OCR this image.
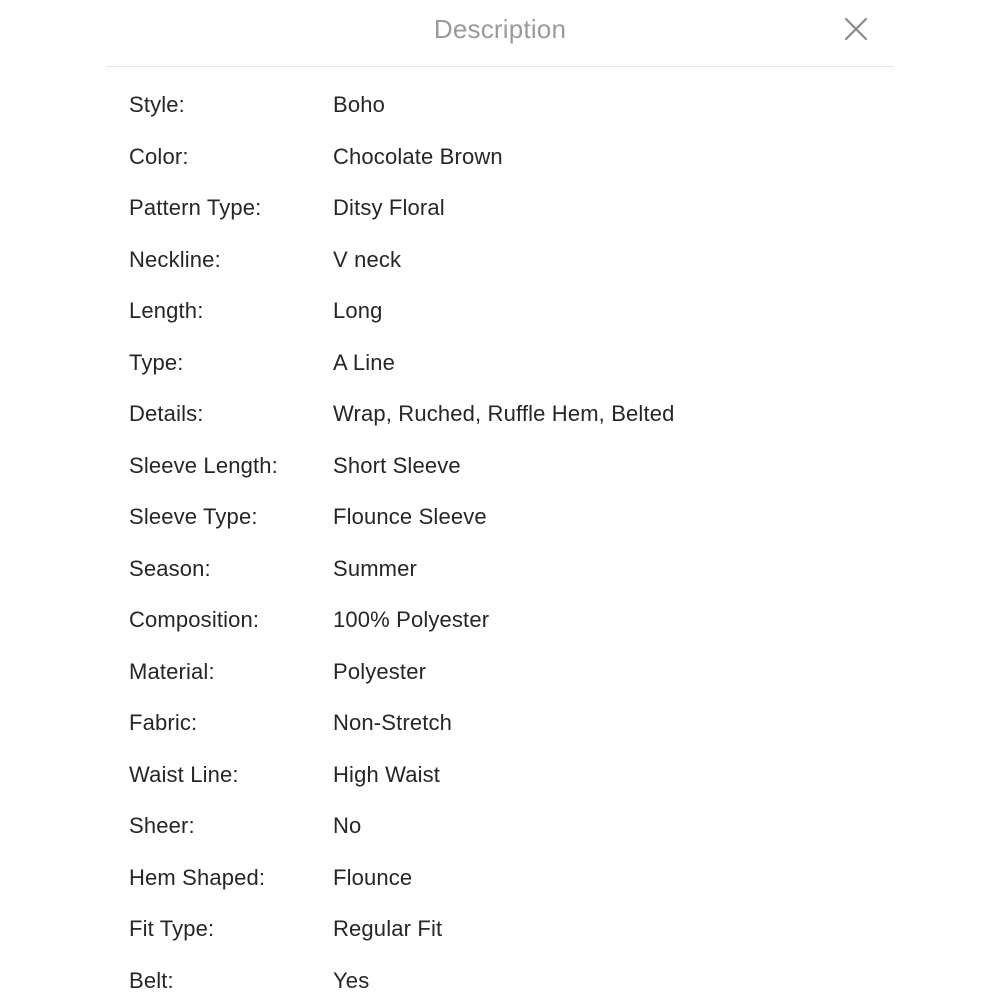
Description
Style:	Boho
Color:	Chocolate Brown
Pattern Type:	Ditsy Floral
Neckline:	V neck
Length:	Long
Type:	A Line
Details:	Wrap, Ruched, Ruffle Hem, Belted
Sleeve Length:	Short Sleeve
Sleeve Type:	Flounce Sleeve
Season:	Summer
Composition:	100% Polyester
Material:	Polyester
Fabric:	Non-Stretch
Waist Line:	High Waist
Sheer:	No
Hem Shaped:	Flounce
Fit Type:	Regular Fit
Belt:	Yes
